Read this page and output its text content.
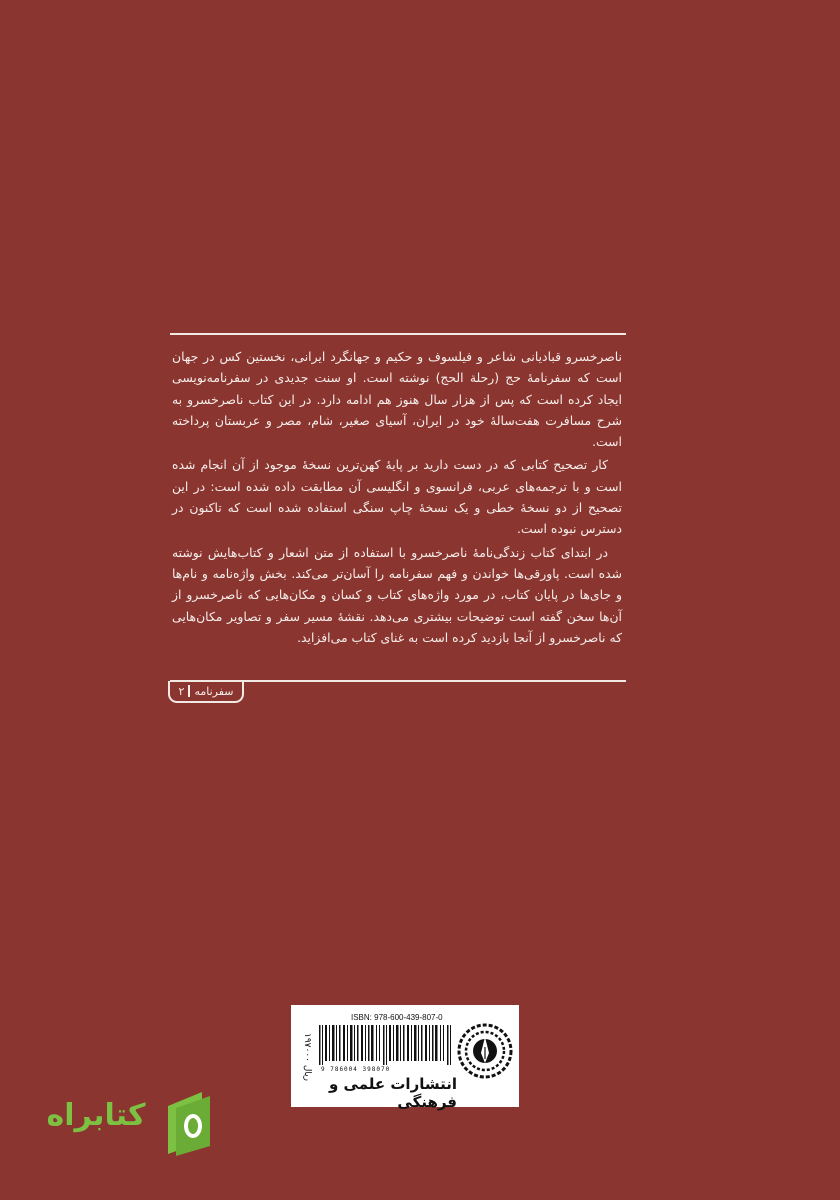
ناصرخسرو قبادیانی شاعر و فیلسوف و حکیم و جهانگرد ایرانی، نخستین کس در جهان است که سفرنامهٔ حج (رحلة الحج) نوشته است. او سنت جدیدی در سفرنامه‌نویسی ایجاد کرده است که پس از هزار سال هنوز هم ادامه دارد. در این کتاب ناصرخسرو به شرح مسافرت هفت‌سالهٔ خود در ایران، آسیای صغیر، شام، مصر و عربستان پرداخته است.

کار تصحیح کتابی که در دست دارید بر پایهٔ کهن‌ترین نسخهٔ موجود از آن انجام شده است و با ترجمه‌های عربی، فرانسوی و انگلیسی آن مطابقت داده شده است: در این تصحیح از دو نسخهٔ خطی و یک نسخهٔ چاپ سنگی استفاده شده است که تاکنون در دسترس نبوده است.

در ابتدای کتاب زندگی‌نامهٔ ناصرخسرو با استفاده از متن اشعار و کتاب‌هایش نوشته شده است. پاورقی‌ها خواندن و فهم سفرنامه را آسان‌تر می‌کند. بخش واژه‌نامه و نام‌ها و جای‌ها در پایان کتاب، در مورد واژه‌های کتاب و کسان و مکان‌هایی که ناصرخسرو از آن‌ها سخن گفته است توضیحات بیشتری می‌دهد. نقشهٔ مسیر سفر و تصاویر مکان‌هایی که ناصرخسرو از آنجا بازدید کرده است به غنای کتاب می‌افزاید.

سفرنامه
۲
ISBN: 978-600-439-807-0
۱۹۷۰۰۰ ریال 9 786004 398070
انتشارات علمی و فرهنگی
کتابراه
